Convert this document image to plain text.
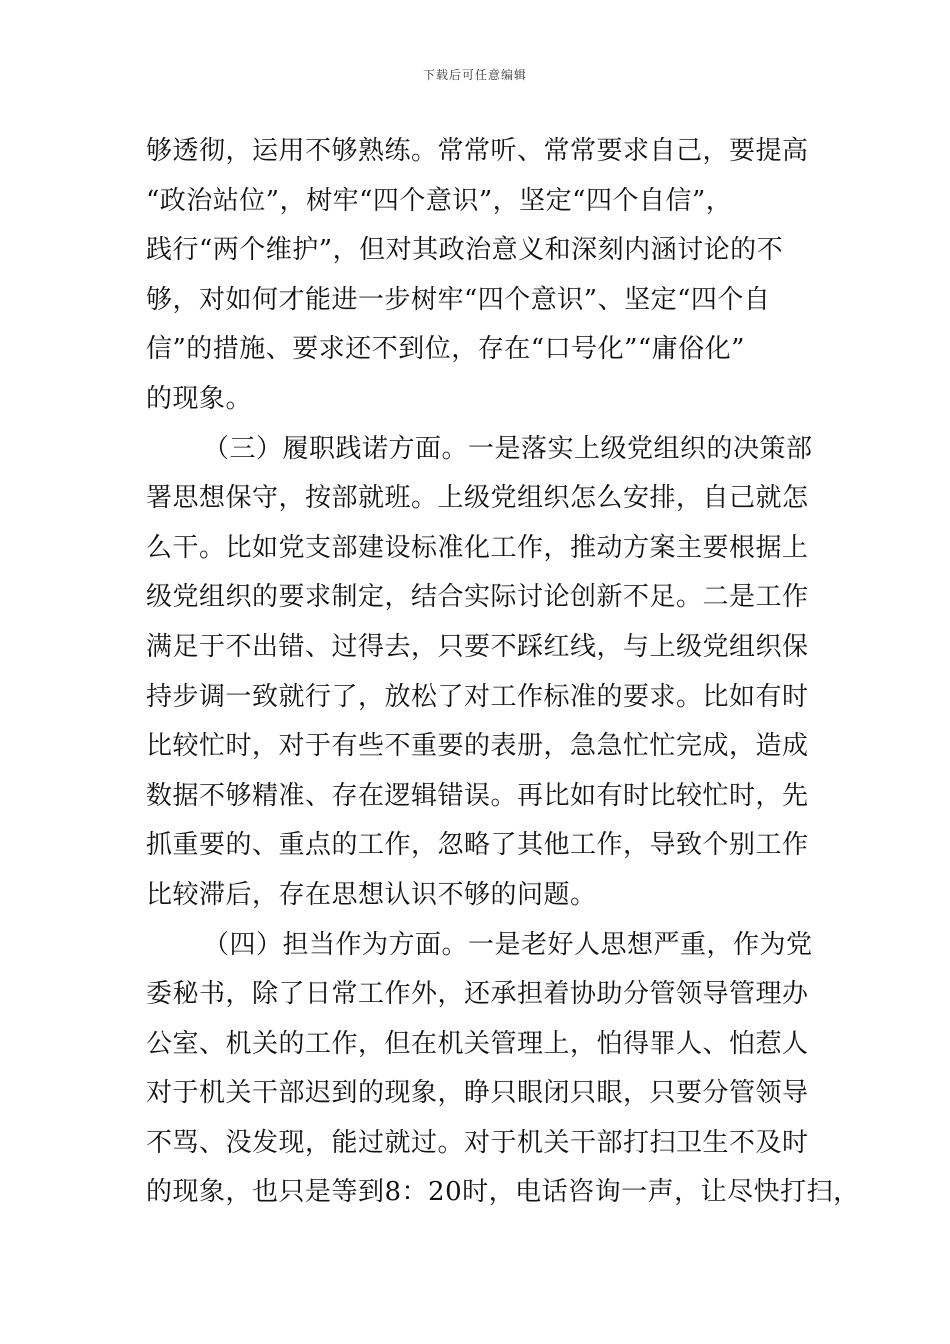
下载后可任意编辑
够透彻，运用不够熟练。常常听、常常要求自己，要提高
“政治站位”，树牢“四个意识”，坚定“四个自信”，
践行“两个维护”，但对其政治意义和深刻内涵讨论的不
够，对如何才能进一步树牢“四个意识”、坚定“四个自
信”的措施、要求还不到位，存在“口号化”“庸俗化”
的现象。
（三）履职践诺方面。一是落实上级党组织的决策部
署思想保守，按部就班。上级党组织怎么安排，自己就怎
么干。比如党支部建设标准化工作，推动方案主要根据上
级党组织的要求制定，结合实际讨论创新不足。二是工作
满足于不出错、过得去，只要不踩红线，与上级党组织保
持步调一致就行了，放松了对工作标准的要求。比如有时
比较忙时，对于有些不重要的表册，急急忙忙完成，造成
数据不够精准、存在逻辑错误。再比如有时比较忙时，先
抓重要的、重点的工作，忽略了其他工作，导致个别工作
比较滞后，存在思想认识不够的问题。
（四）担当作为方面。一是老好人思想严重，作为党
委秘书，除了日常工作外，还承担着协助分管领导管理办
公室、机关的工作，但在机关管理上，怕得罪人、怕惹人
对于机关干部迟到的现象，睁只眼闭只眼，只要分管领导
不骂、没发现，能过就过。对于机关干部打扫卫生不及时
的现象，也只是等到8：20时，电话咨询一声，让尽快打扫，
